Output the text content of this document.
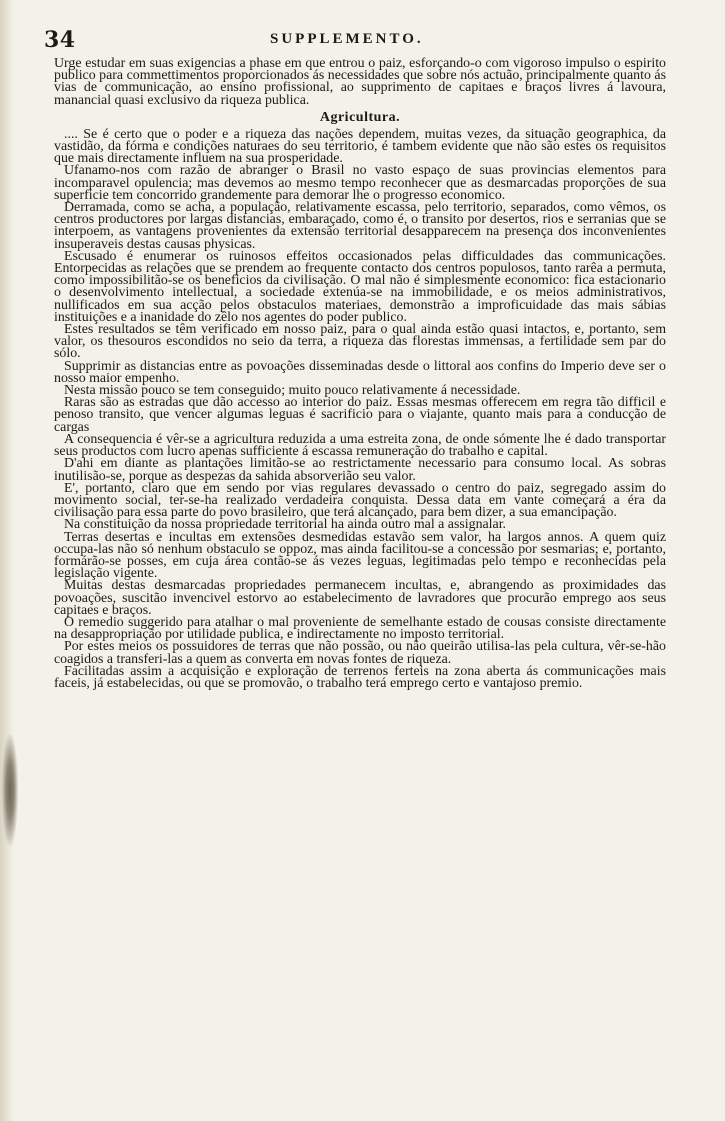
34	SUPPLEMENTO.

Urge estudar em suas exigencias a phase em que entrou o paiz, esforçando-o com vigoroso impulso o espirito publico para commettimentos proporcionados ás necessidades que sobre nós actuão, principalmente quanto ás vias de communicação, ao ensino profissional, ao supprimento de capitaes e braços livres á lavoura, manancial quasi exclusivo da riqueza publica.

Agricultura.

.... Se é certo que o poder e a riqueza das nações dependem, muitas vezes, da situação geographica, da vastidão, da fórma e condições naturaes do seu territorio, é tambem evidente que não são estes os requisitos que mais directamente influem na sua prosperidade.

Ufanamo-nos com razão de abranger o Brasil no vasto espaço de suas provincias elementos para incomparavel opulencia; mas devemos ao mesmo tempo reconhecer que as desmarcadas proporções de sua superficie tem concorrido grandemente para demorar lhe o progresso economico.

Derramada, como se acha, a população, relativamente escassa, pelo territorio, separados, como vêmos, os centros productores por largas distancias, embaraçado, como é, o transito por desertos, rios e serranias que se interpoem, as vantagens provenientes da extensão territorial desapparecem na presença dos inconvenientes insuperaveis destas causas physicas.

Escusado é enumerar os ruinosos effeitos occasionados pelas difficuldades das communicações. Entorpecidas as relações que se prendem ao frequente contacto dos centros populosos, tanto rarêa a permuta, como impossibilitão-se os beneficios da civilisação. O mal não é simplesmente economico: fica estacionario o desenvolvimento intellectual, a sociedade extenúa-se na immobilidade, e os meios administrativos, nullificados em sua acção pelos obstaculos materiaes, demonstrão a improficuidade das mais sábias instituições e a inanidade do zêlo nos agentes do poder publico.

Estes resultados se têm verificado em nosso paiz, para o qual ainda estão quasi intactos, e, portanto, sem valor, os thesouros escondidos no seio da terra, a riqueza das florestas immensas, a fertilidade sem par do sólo.

Supprimir as distancias entre as povoações disseminadas desde o littoral aos confins do Imperio deve ser o nosso maior empenho.

Nesta missão pouco se tem conseguido; muito pouco relativamente á necessidade.

Raras são as estradas que dão accesso ao interior do paiz. Essas mesmas offerecem em regra tão difficil e penoso transito, que vencer algumas leguas é sacrificio para o viajante, quanto mais para a conducção de cargas

A consequencia é vêr-se a agricultura reduzida a uma estreita zona, de onde sómente lhe é dado transportar seus productos com lucro apenas sufficiente á escassa remuneração do trabalho e capital.

D'ahi em diante as plantações limitão-se ao restrictamente necessario para consumo local. As sobras inutilisão-se, porque as despezas da sahida absorverião seu valor.

E', portanto, claro que em sendo por vias regulares devassado o centro do paiz, segregado assim do movimento social, ter-se-ha realizado verdadeira conquista. Dessa data em vante começará a éra da civilisação para essa parte do povo brasileiro, que terá alcançado, para bem dizer, a sua emancipação.

Na constituição da nossa propriedade territorial ha ainda outro mal a assignalar.

Terras desertas e incultas em extensões desmedidas estavão sem valor, ha largos annos. A quem quiz occupa-las não só nenhum obstaculo se oppoz, mas ainda facilitou-se a concessão por sesmarias; e, portanto, formárão-se posses, em cuja área contão-se ás vezes leguas, legitimadas pelo tempo e reconhecidas pela legislação vigente.

Muitas destas desmarcadas propriedades permanecem incultas, e, abrangendo as proximidades das povoações, suscitão invencivel estorvo ao estabelecimento de lavradores que procurão emprego aos seus capitaes e braços.

O remedio suggerido para atalhar o mal proveniente de semelhante estado de cousas consiste directamente na desappropriação por utilidade publica, e indirectamente no imposto territorial.

Por estes meios os possuidores de terras que não possão, ou não queirão utilisa-las pela cultura, vêr-se-hão coagidos a transferi-las a quem as converta em novas fontes de riqueza.

Facilitadas assim a acquisição e exploração de terrenos ferteis na zona aberta ás communicações mais faceis, já estabelecidas, ou que se promovão, o trabalho terá emprego certo e vantajoso premio.
